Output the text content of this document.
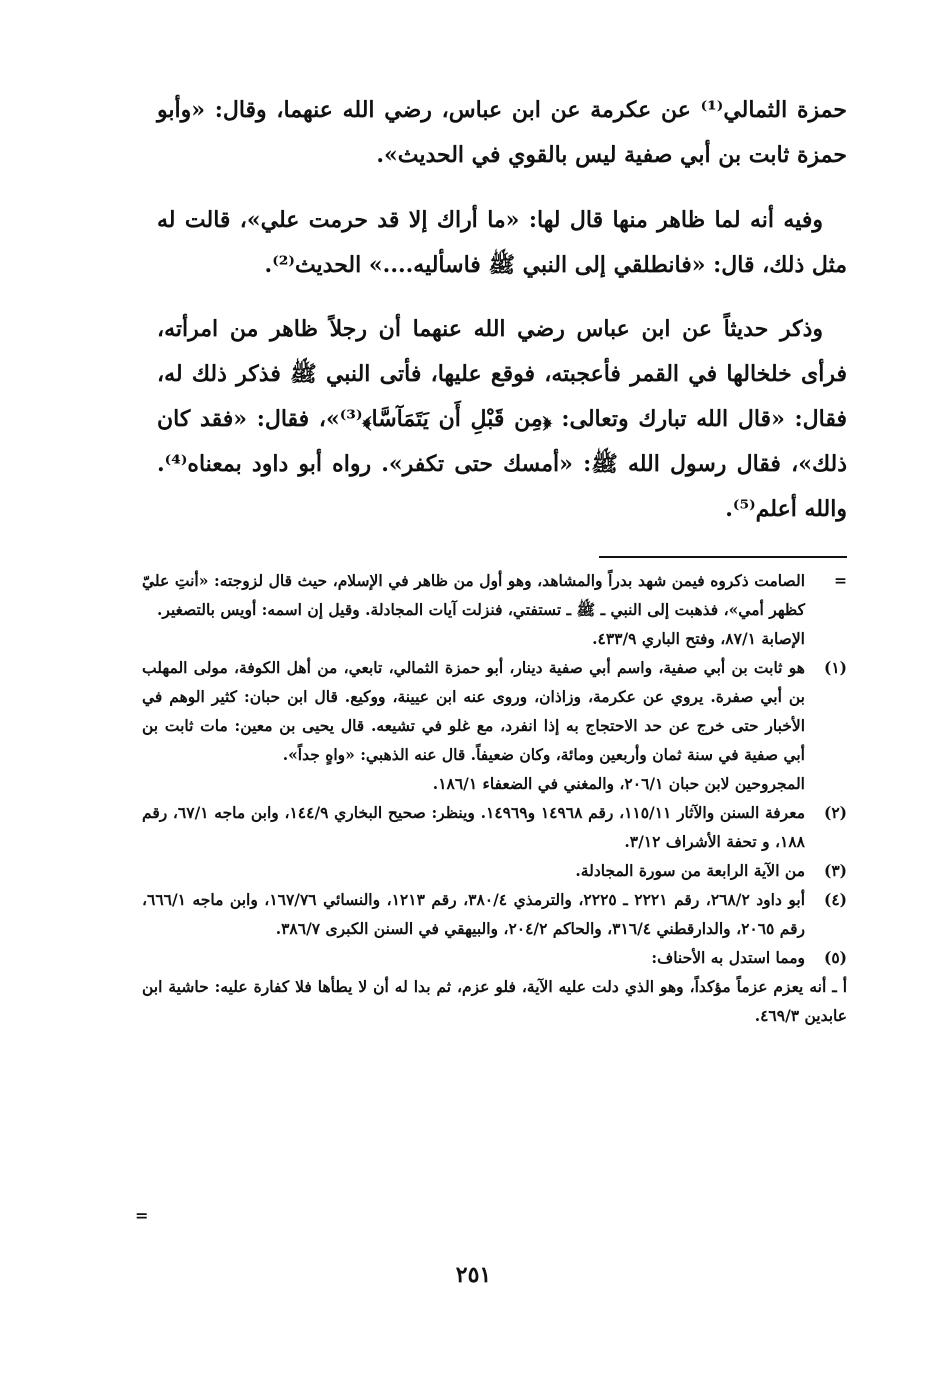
حمزة الثمالي⁽¹⁾ عن عكرمة عن ابن عباس، رضي الله عنهما، وقال: «وأبو حمزة ثابت بن أبي صفية ليس بالقوي في الحديث».

وفيه أنه لما ظاهر منها قال لها: «ما أراك إلا قد حرمت علي»، قالت له مثل ذلك، قال: «فانطلقي إلى النبي ﷺ فاسأليه....» الحديث⁽²⁾.

وذكر حديثاً عن ابن عباس رضي الله عنهما أن رجلاً ظاهر من امرأته، فرأى خلخالها في القمر فأعجبته، فوقع عليها، فأتى النبي ﷺ فذكر ذلك له، فقال: «قال الله تبارك وتعالى: ﴿مِن قَبْلِ أَن يَتَمَآسَّا﴾⁽³⁾»، فقال: «فقد كان ذلك»، فقال رسول الله ﷺ: «أمسك حتى تكفر». رواه أبو داود بمعناه⁽⁴⁾. والله أعلم⁽⁵⁾.

=
الصامت ذكروه فيمن شهد بدراً والمشاهد، وهو أول من ظاهر في الإسلام، حيث قال لزوجته: «أنتِ عليّ كظهر أمي»، فذهبت إلى النبي ـ ﷺ ـ تستفتي، فنزلت آيات المجادلة. وقيل إن اسمه: أويس بالتصغير.
الإصابة ٨٧/١، وفتح الباري ٤٣٣/٩.
(١)
هو ثابت بن أبي صفية، واسم أبي صفية دينار، أبو حمزة الثمالي، تابعي، من أهل الكوفة، مولى المهلب بن أبي صفرة. يروي عن عكرمة، وزاذان، وروى عنه ابن عيينة، ووكيع. قال ابن حبان: كثير الوهم في الأخبار حتى خرج عن حد الاحتجاج به إذا انفرد، مع غلو في تشيعه. قال يحيى بن معين: مات ثابت بن أبي صفية في سنة ثمان وأربعين ومائة، وكان ضعيفاً. قال عنه الذهبي: «واهٍ جداً».
المجروحين لابن حبان ٢٠٦/١، والمغني في الضعفاء ١٨٦/١.
(٢)
معرفة السنن والآثار ١١٥/١١، رقم ١٤٩٦٨ و١٤٩٦٩. وينظر: صحيح البخاري ١٤٤/٩، وابن ماجه ٦٧/١، رقم ١٨٨، و تحفة الأشراف ٣/١٢.
(٣)
من الآية الرابعة من سورة المجادلة.
(٤)
أبو داود ٢٦٨/٢، رقم ٢٢٢١ ـ ٢٢٢٥، والترمذي ٣٨٠/٤، رقم ١٢١٣، والنسائي ١٦٧/٧٦، وابن ماجه ٦٦٦/١، رقم ٢٠٦٥، والدارقطني ٣١٦/٤، والحاكم ٢٠٤/٢، والبيهقي في السنن الكبرى ٣٨٦/٧.
(٥)
ومما استدل به الأحناف:
أ ـ أنه يعزم عزماً مؤكداً، وهو الذي دلت عليه الآية، فلو عزم، ثم بدا له أن لا يطأها فلا كفارة عليه: حاشية ابن عابدين ٤٦٩/٣.
=
٢٥١
